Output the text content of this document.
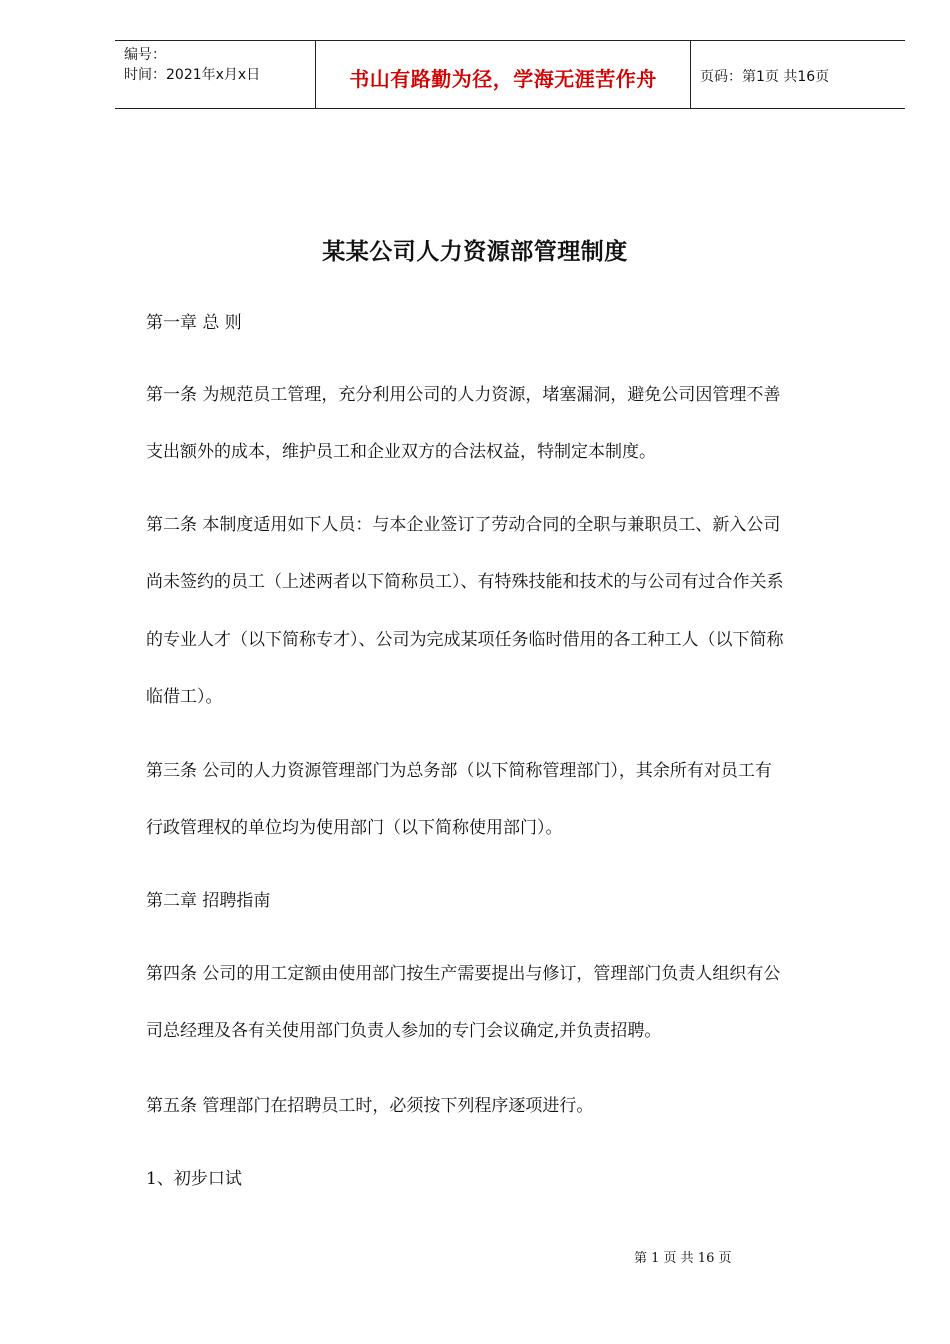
编号：
时间：2021年x月x日	书山有路勤为径，学海无涯苦作舟	页码：第1页 共16页
某某公司人力资源部管理制度
第一章 总 则
第一条 为规范员工管理，充分利用公司的人力资源，堵塞漏洞，避免公司因管理不善
支出额外的成本，维护员工和企业双方的合法权益，特制定本制度。
第二条 本制度适用如下人员：与本企业签订了劳动合同的全职与兼职员工、新入公司
尚未签约的员工（上述两者以下简称员工）、有特殊技能和技术的与公司有过合作关系
的专业人才（以下简称专才）、公司为完成某项任务临时借用的各工种工人（以下简称
临借工）。
第三条 公司的人力资源管理部门为总务部（以下简称管理部门），其余所有对员工有
行政管理权的单位均为使用部门（以下简称使用部门）。
第二章 招聘指南
第四条 公司的用工定额由使用部门按生产需要提出与修订，管理部门负责人组织有公
司总经理及各有关使用部门负责人参加的专门会议确定,并负责招聘。
第五条 管理部门在招聘员工时，必须按下列程序逐项进行。
1、初步口试
第 1 页 共 16 页
